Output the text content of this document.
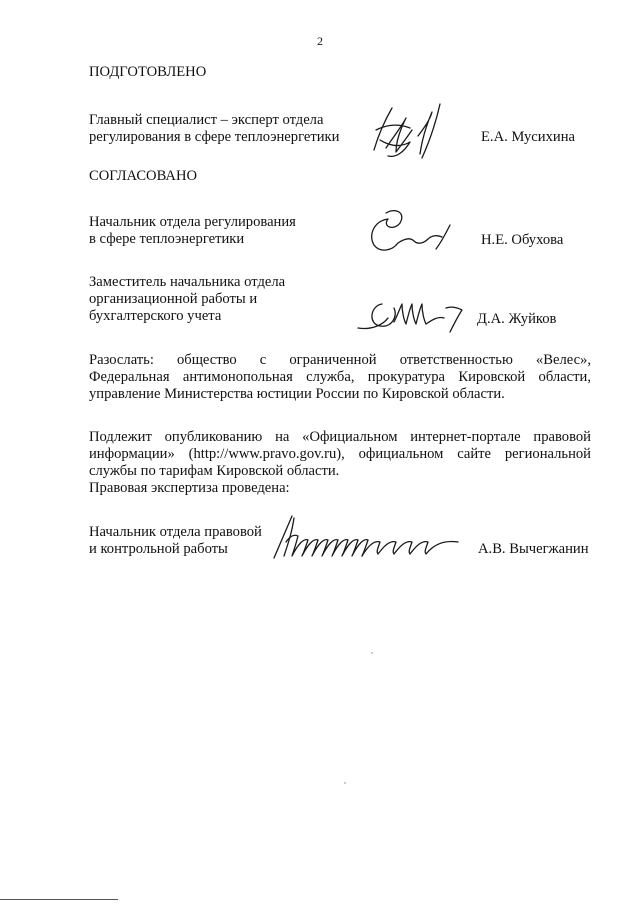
2
ПОДГОТОВЛЕНО
Главный специалист – эксперт отдела
регулирования в сфере теплоэнергетики	Е.А. Мусихина
СОГЛАСОВАНО
Начальник отдела регулирования
в сфере теплоэнергетики	Н.Е. Обухова
Заместитель начальника отдела
организационной работы и
бухгалтерского учета	Д.А. Жуйков
Разослать: общество с ограниченной ответственностью «Велес»,
Федеральная антимонопольная служба, прокуратура Кировской области,
управление Министерства юстиции России по Кировской области.
Подлежит опубликованию на «Официальном интернет-портале правовой
информации» (http://www.pravo.gov.ru), официальном сайте региональной
службы по тарифам Кировской области.
Правовая экспертиза проведена:
Начальник отдела правовой
и контрольной работы	А.В. Вычегжанин
